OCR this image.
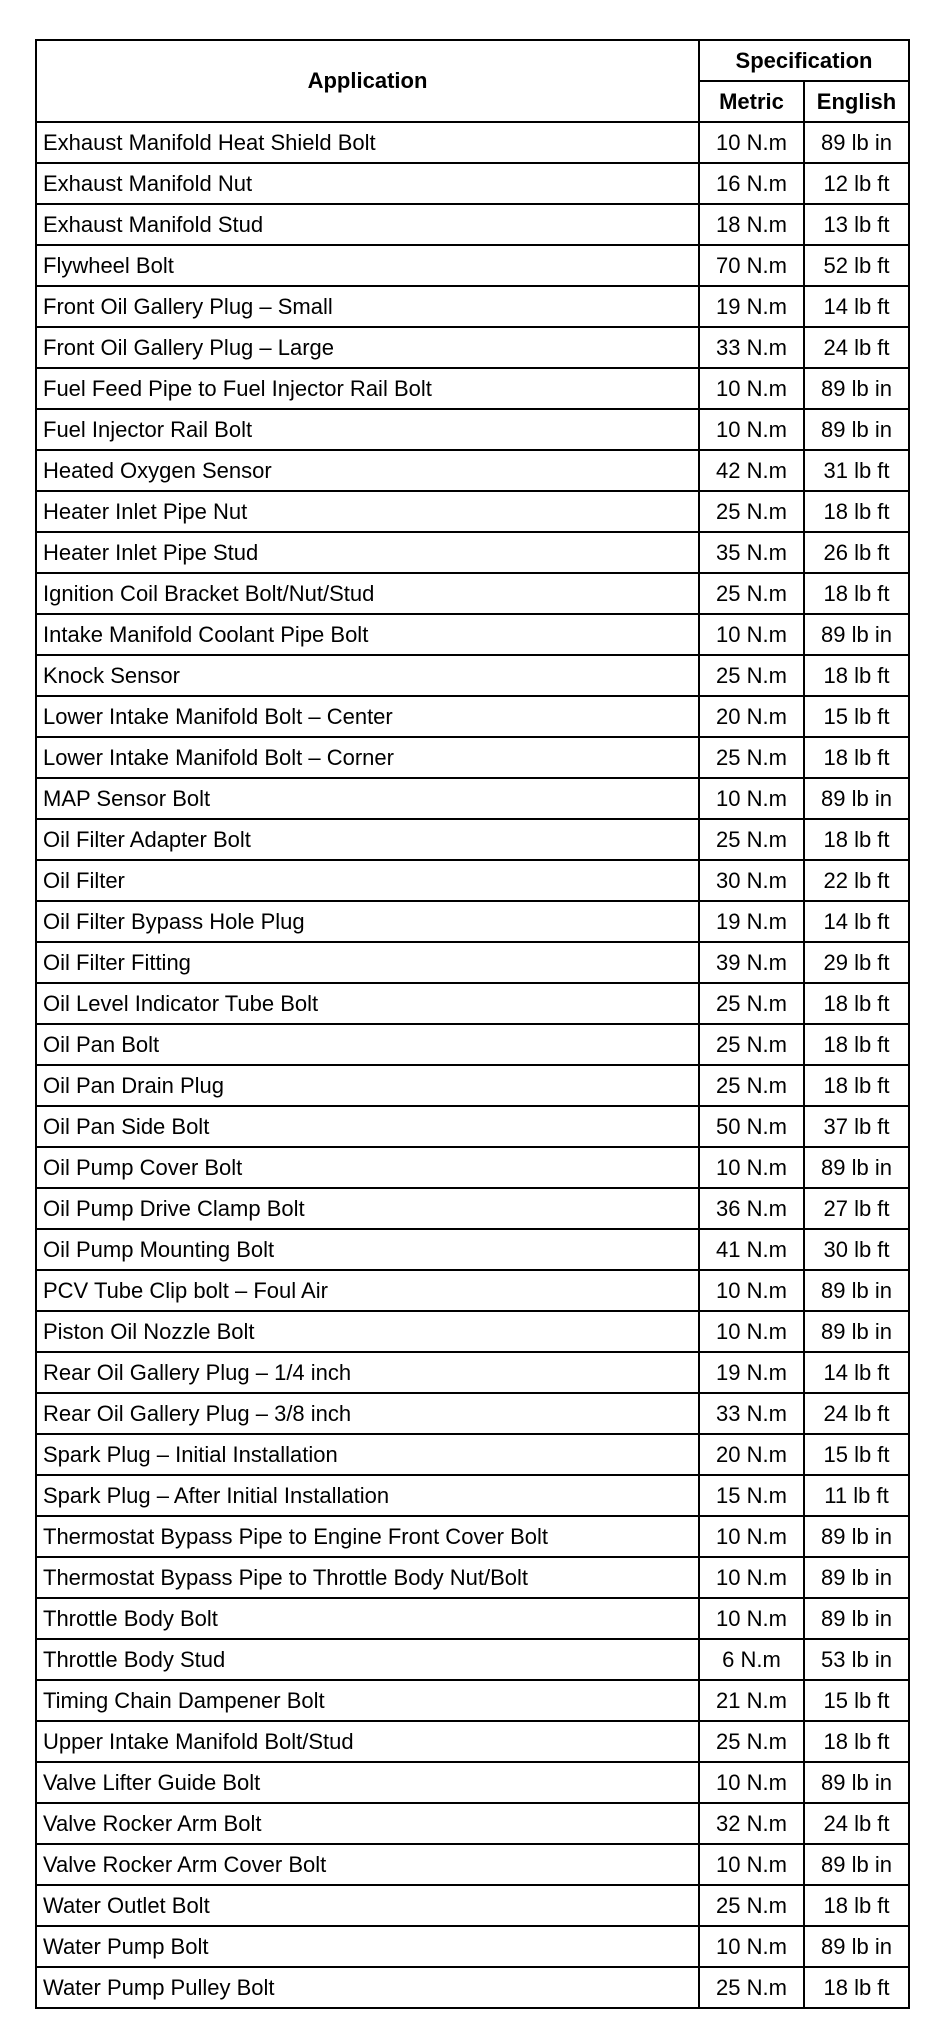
Application	Specification	
	Metric	English
Exhaust Manifold Heat Shield Bolt	10 N.m	89 lb in
Exhaust Manifold Nut	16 N.m	12 lb ft
Exhaust Manifold Stud	18 N.m	13 lb ft
Flywheel Bolt	70 N.m	52 lb ft
Front Oil Gallery Plug – Small	19 N.m	14 lb ft
Front Oil Gallery Plug – Large	33 N.m	24 lb ft
Fuel Feed Pipe to Fuel Injector Rail Bolt	10 N.m	89 lb in
Fuel Injector Rail Bolt	10 N.m	89 lb in
Heated Oxygen Sensor	42 N.m	31 lb ft
Heater Inlet Pipe Nut	25 N.m	18 lb ft
Heater Inlet Pipe Stud	35 N.m	26 lb ft
Ignition Coil Bracket Bolt/Nut/Stud	25 N.m	18 lb ft
Intake Manifold Coolant Pipe Bolt	10 N.m	89 lb in
Knock Sensor	25 N.m	18 lb ft
Lower Intake Manifold Bolt – Center	20 N.m	15 lb ft
Lower Intake Manifold Bolt – Corner	25 N.m	18 lb ft
MAP Sensor Bolt	10 N.m	89 lb in
Oil Filter Adapter Bolt	25 N.m	18 lb ft
Oil Filter	30 N.m	22 lb ft
Oil Filter Bypass Hole Plug	19 N.m	14 lb ft
Oil Filter Fitting	39 N.m	29 lb ft
Oil Level Indicator Tube Bolt	25 N.m	18 lb ft
Oil Pan Bolt	25 N.m	18 lb ft
Oil Pan Drain Plug	25 N.m	18 lb ft
Oil Pan Side Bolt	50 N.m	37 lb ft
Oil Pump Cover Bolt	10 N.m	89 lb in
Oil Pump Drive Clamp Bolt	36 N.m	27 lb ft
Oil Pump Mounting Bolt	41 N.m	30 lb ft
PCV Tube Clip bolt – Foul Air	10 N.m	89 lb in
Piston Oil Nozzle Bolt	10 N.m	89 lb in
Rear Oil Gallery Plug – 1/4 inch	19 N.m	14 lb ft
Rear Oil Gallery Plug – 3/8 inch	33 N.m	24 lb ft
Spark Plug – Initial Installation	20 N.m	15 lb ft
Spark Plug – After Initial Installation	15 N.m	11 lb ft
Thermostat Bypass Pipe to Engine Front Cover Bolt	10 N.m	89 lb in
Thermostat Bypass Pipe to Throttle Body Nut/Bolt	10 N.m	89 lb in
Throttle Body Bolt	10 N.m	89 lb in
Throttle Body Stud	6 N.m	53 lb in
Timing Chain Dampener Bolt	21 N.m	15 lb ft
Upper Intake Manifold Bolt/Stud	25 N.m	18 lb ft
Valve Lifter Guide Bolt	10 N.m	89 lb in
Valve Rocker Arm Bolt	32 N.m	24 lb ft
Valve Rocker Arm Cover Bolt	10 N.m	89 lb in
Water Outlet Bolt	25 N.m	18 lb ft
Water Pump Bolt	10 N.m	89 lb in
Water Pump Pulley Bolt	25 N.m	18 lb ft
